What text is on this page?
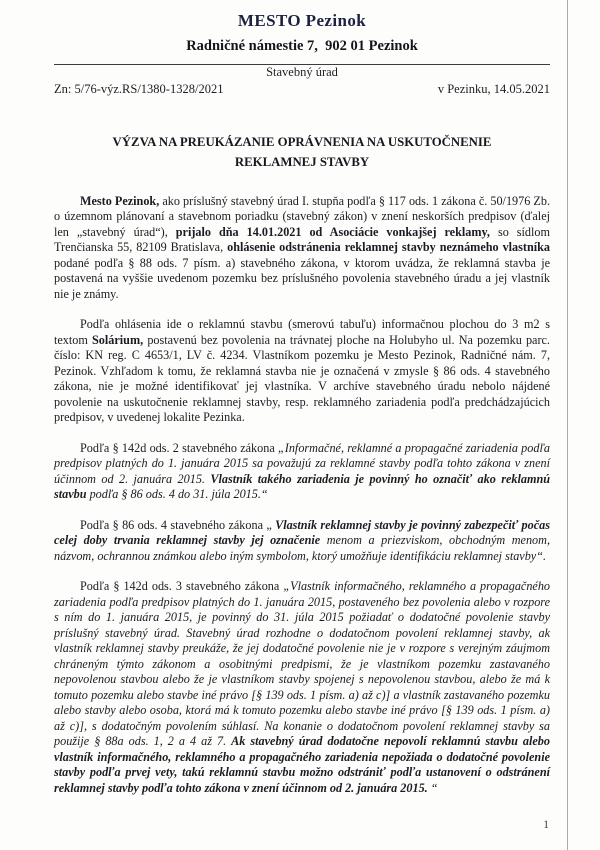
MESTO Pezinok
Radničné námestie 7,  902 01 Pezinok
Stavebný úrad
Zn: 5/76-výz.RS/1380-1328/2021	v Pezinku, 14.05.2021
VÝZVA NA PREUKÁZANIE OPRÁVNENIA NA USKUTOČNENIE REKLAMNEJ STAVBY

Mesto Pezinok, ako príslušný stavebný úrad I. stupňa podľa § 117 ods. 1 zákona č. 50/1976 Zb. o územnom plánovaní a stavebnom poriadku (stavebný zákon) v znení neskorších predpisov (ďalej len „stavebný úrad“), prijalo dňa 14.01.2021 od Asociácie vonkajšej reklamy, so sídlom Trenčianska 55, 82109 Bratislava, ohlásenie odstránenia reklamnej stavby neznámeho vlastníka podané podľa § 88 ods. 7 písm. a) stavebného zákona, v ktorom uvádza, že reklamná stavba je postavená na vyššie uvedenom pozemku bez príslušného povolenia stavebného úradu a jej vlastník nie je známy.

Podľa ohlásenia ide o reklamnú stavbu (smerovú tabuľu) informačnou plochou do 3 m2 s textom Solárium, postavenú bez povolenia na trávnatej ploche na Holubyho ul. Na pozemku parc. číslo: KN reg. C 4653/1, LV č. 4234. Vlastníkom pozemku je Mesto Pezinok, Radničné nám. 7, Pezinok. Vzhľadom k tomu, že reklamná stavba nie je označená v zmysle § 86 ods. 4 stavebného zákona, nie je možné identifikovať jej vlastníka. V archíve stavebného úradu nebolo nájdené povolenie na uskutočnenie reklamnej stavby, resp. reklamného zariadenia podľa predchádzajúcich predpisov, v uvedenej lokalite Pezinka.

Podľa § 142d ods. 2 stavebného zákona „Informačné, reklamné a propagačné zariadenia podľa predpisov platných do 1. januára 2015 sa považujú za reklamné stavby podľa tohto zákona v znení účinnom od 2. januára 2015. Vlastník takého zariadenia je povinný ho označiť ako reklamnú stavbu podľa § 86 ods. 4 do 31. júla 2015.“

Podľa § 86 ods. 4 stavebného zákona „ Vlastník reklamnej stavby je povinný zabezpečiť počas celej doby trvania reklamnej stavby jej označenie menom a priezviskom, obchodným menom, názvom, ochrannou známkou alebo iným symbolom, ktorý umožňuje identifikáciu reklamnej stavby“.

Podľa § 142d ods. 3 stavebného zákona „Vlastník informačného, reklamného a propagačného zariadenia podľa predpisov platných do 1. januára 2015, postaveného bez povolenia alebo v rozpore s ním do 1. januára 2015, je povinný do 31. júla 2015 požiadať o dodatočné povolenie stavby príslušný stavebný úrad. Stavebný úrad rozhodne o dodatočnom povolení reklamnej stavby, ak vlastník reklamnej stavby preukáže, že jej dodatočné povolenie nie je v rozpore s verejným záujmom chráneným týmto zákonom a osobitnými predpismi, že je vlastníkom pozemku zastavaného nepovolenou stavbou alebo že je vlastníkom stavby spojenej s nepovolenou stavbou, alebo že má k tomuto pozemku alebo stavbe iné právo [§ 139 ods. 1 písm. a) až c)] a vlastník zastavaného pozemku alebo stavby alebo osoba, ktorá má k tomuto pozemku alebo stavbe iné právo [§ 139 ods. 1 písm. a) až c)], s dodatočným povolením súhlasí. Na konanie o dodatočnom povolení reklamnej stavby sa použije § 88a ods. 1, 2 a 4 až 7. Ak stavebný úrad dodatočne nepovolí reklamnú stavbu alebo vlastník informačného, reklamného a propagačného zariadenia nepožiada o dodatočné povolenie stavby podľa prvej vety, takú reklamnú stavbu možno odstrániť podľa ustanovení o odstránení reklamnej stavby podľa tohto zákona v znení účinnom od 2. januára 2015. “

1
